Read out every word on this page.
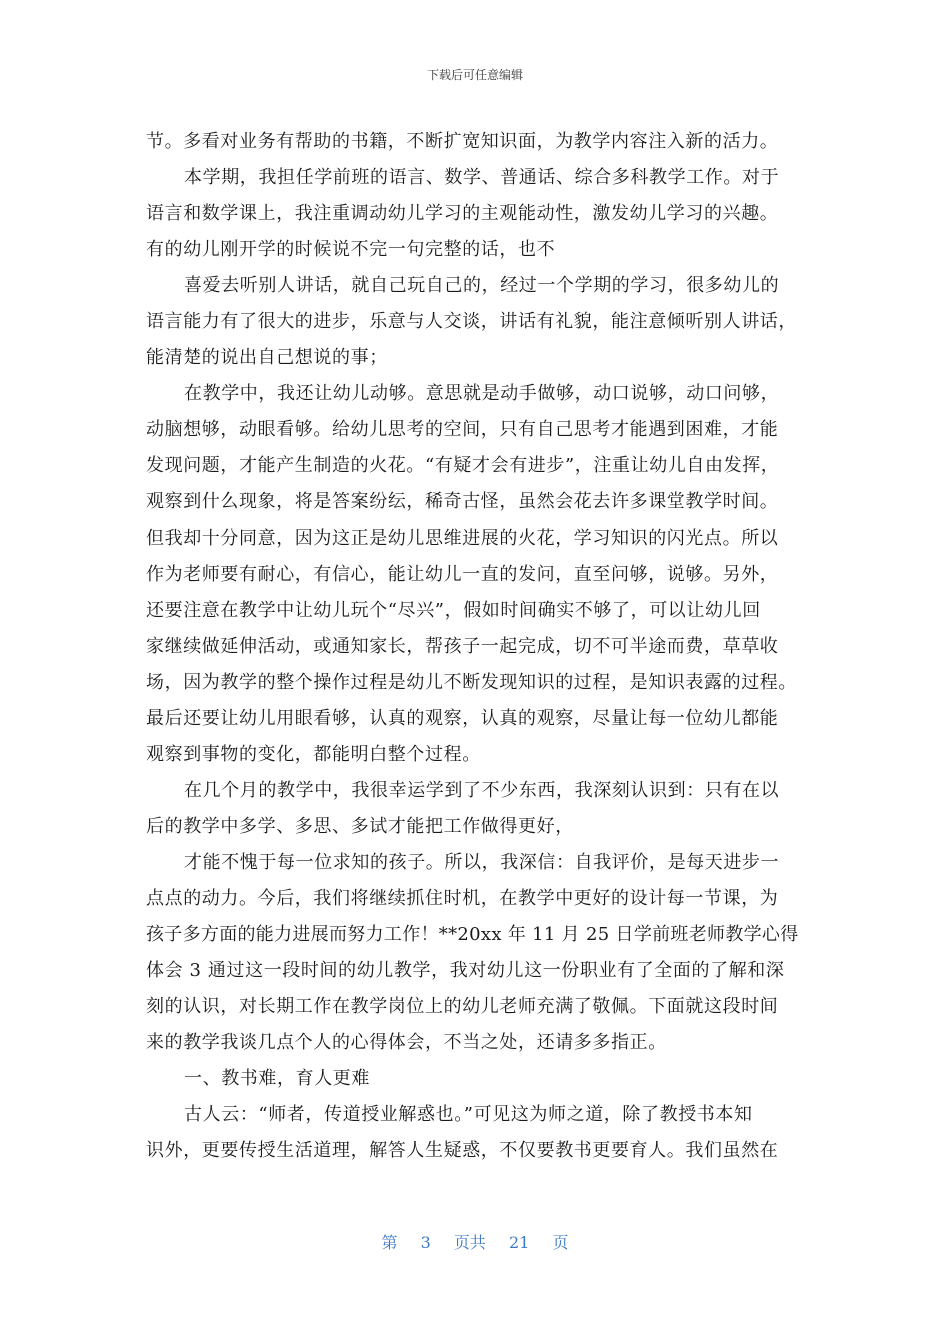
下载后可任意编辑
节。多看对业务有帮助的书籍，不断扩宽知识面，为教学内容注入新的活力。
本学期，我担任学前班的语言、数学、普通话、综合多科教学工作。对于
语言和数学课上，我注重调动幼儿学习的主观能动性，激发幼儿学习的兴趣。
有的幼儿刚开学的时候说不完一句完整的话，也不
喜爱去听别人讲话，就自己玩自己的，经过一个学期的学习，很多幼儿的
语言能力有了很大的进步，乐意与人交谈，讲话有礼貌，能注意倾听别人讲话，
能清楚的说出自己想说的事；
在教学中，我还让幼儿动够。意思就是动手做够，动口说够，动口问够，
动脑想够，动眼看够。给幼儿思考的空间，只有自己思考才能遇到困难，才能
发现问题，才能产生制造的火花。“有疑才会有进步”，注重让幼儿自由发挥，
观察到什么现象，将是答案纷纭，稀奇古怪，虽然会花去许多课堂教学时间。
但我却十分同意，因为这正是幼儿思维进展的火花，学习知识的闪光点。所以
作为老师要有耐心，有信心，能让幼儿一直的发问，直至问够，说够。另外，
还要注意在教学中让幼儿玩个“尽兴”，假如时间确实不够了，可以让幼儿回
家继续做延伸活动，或通知家长，帮孩子一起完成，切不可半途而费，草草收
场，因为教学的整个操作过程是幼儿不断发现知识的过程，是知识表露的过程。
最后还要让幼儿用眼看够，认真的观察，认真的观察，尽量让每一位幼儿都能
观察到事物的变化，都能明白整个过程。
在几个月的教学中，我很幸运学到了不少东西，我深刻认识到：只有在以
后的教学中多学、多思、多试才能把工作做得更好，
才能不愧于每一位求知的孩子。所以，我深信：自我评价，是每天进步一
点点的动力。今后，我们将继续抓住时机，在教学中更好的设计每一节课，为
孩子多方面的能力进展而努力工作！**20xx 年 11 月 25 日学前班老师教学心得
体会 3 通过这一段时间的幼儿教学，我对幼儿这一份职业有了全面的了解和深
刻的认识，对长期工作在教学岗位上的幼儿老师充满了敬佩。下面就这段时间
来的教学我谈几点个人的心得体会，不当之处，还请多多指正。
一、教书难，育人更难
古人云：“师者，传道授业解惑也。”可见这为师之道，除了教授书本知
识外，更要传授生活道理，解答人生疑惑，不仅要教书更要育人。我们虽然在
第 3 页共 21 页
